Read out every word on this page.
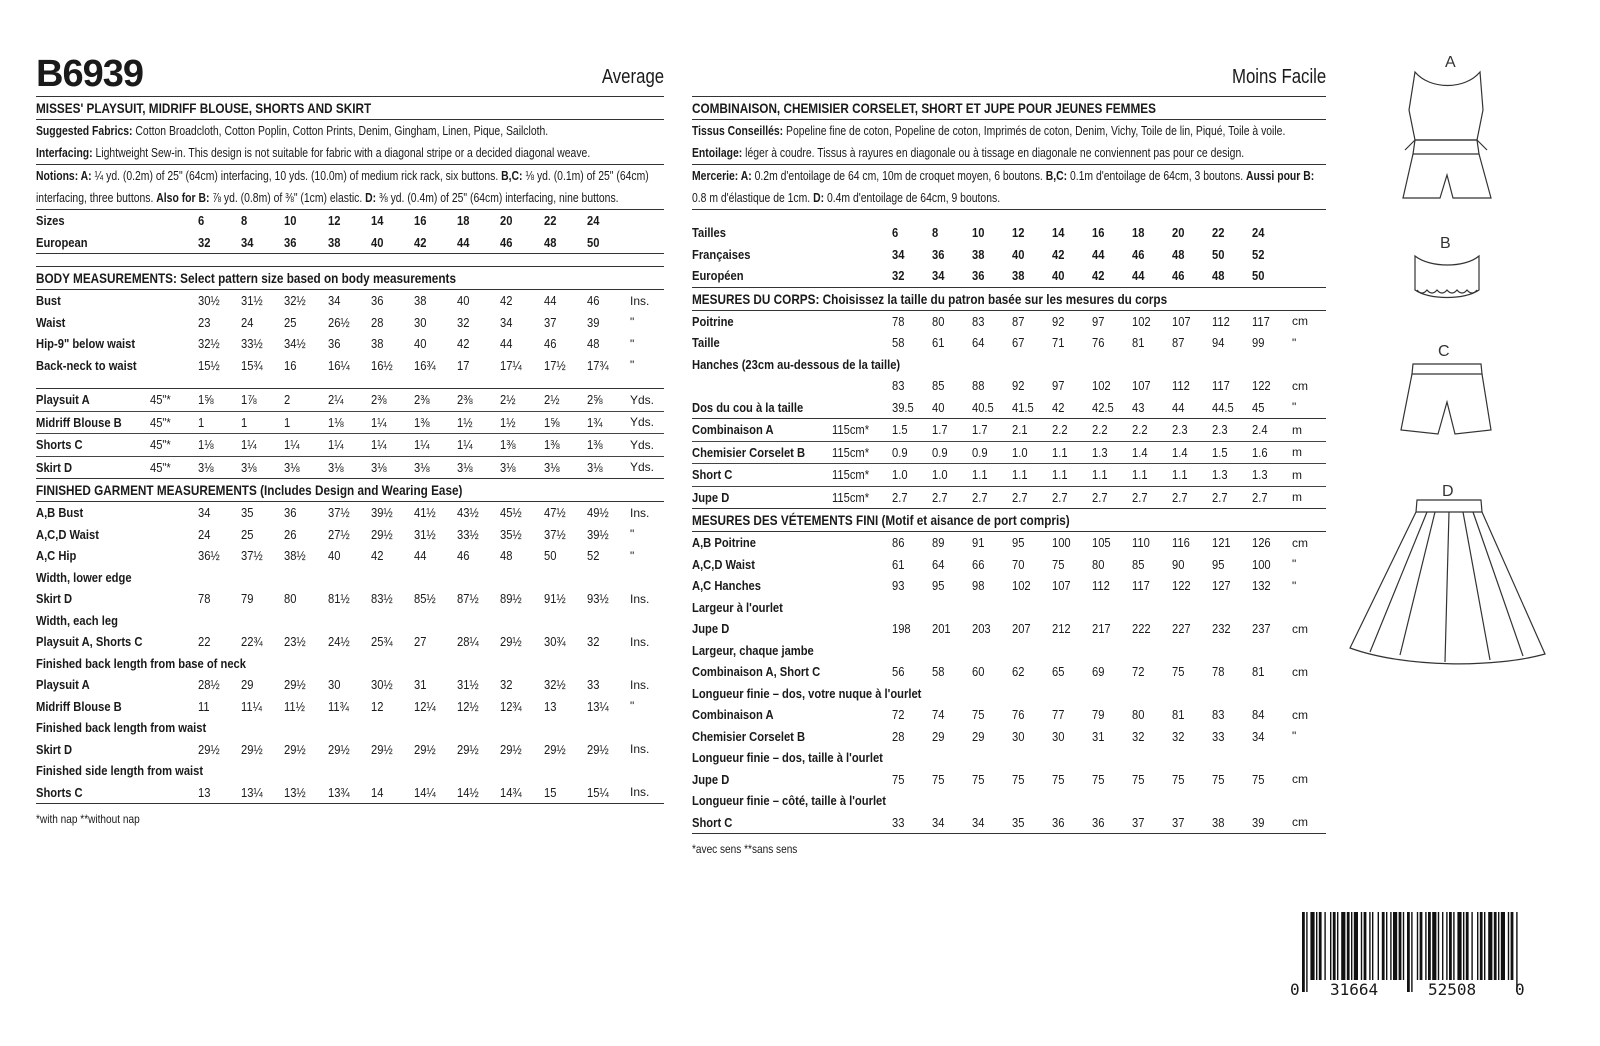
B6939	Average
MISSES' PLAYSUIT, MIDRIFF BLOUSE, SHORTS AND SKIRT
Suggested Fabrics: Cotton Broadcloth, Cotton Poplin, Cotton Prints, Denim, Gingham, Linen, Pique, Sailcloth.
Interfacing: Lightweight Sew-in. This design is not suitable for fabric with a diagonal stripe or a decided diagonal weave.
Notions: A: ¼ yd. (0.2m) of 25" (64cm) interfacing, 10 yds. (10.0m) of medium rick rack, six buttons. B,C: ⅛ yd. (0.1m) of 25" (64cm) interfacing, three buttons. Also for B: ⅞ yd. (0.8m) of ⅜" (1cm) elastic. D: ⅜ yd. (0.4m) of 25" (64cm) interfacing, nine buttons.
Sizes	6	8	10	12	14	16	18	20	22	24	
European	32	34	36	38	40	42	44	46	48	50	
BODY MEASUREMENTS: Select pattern size based on body measurements
Bust	30½	31½	32½	34	36	38	40	42	44	46	Ins.
Waist	23	24	25	26½	28	30	32	34	37	39	"
Hip-9" below waist	32½	33½	34½	36	38	40	42	44	46	48	"
Back-neck to waist	15½	15¾	16	16¼	16½	16¾	17	17¼	17½	17¾	"
Playsuit A	45"*	1⅝	1⅞	2	2¼	2⅜	2⅜	2⅜	2½	2½	2⅝	Yds.
Midriff Blouse B	45"*	1	1	1	1⅛	1¼	1⅜	1½	1½	1⅝	1¾	Yds.
Shorts C	45"*	1⅛	1¼	1¼	1¼	1¼	1¼	1¼	1⅜	1⅜	1⅜	Yds.
Skirt D	45"*	3⅛	3⅛	3⅛	3⅛	3⅛	3⅛	3⅛	3⅛	3⅛	3⅛	Yds.
FINISHED GARMENT MEASUREMENTS (Includes Design and Wearing Ease)
A,B Bust	34	35	36	37½	39½	41½	43½	45½	47½	49½	Ins.
A,C,D Waist	24	25	26	27½	29½	31½	33½	35½	37½	39½	"
A,C Hip	36½	37½	38½	40	42	44	46	48	50	52	"
Width, lower edge											
Skirt D	78	79	80	81½	83½	85½	87½	89½	91½	93½	Ins.
Width, each leg											
Playsuit A, Shorts C	22	22¾	23½	24½	25¾	27	28¼	29½	30¾	32	Ins.
Finished back length from base of neck											
Playsuit A	28½	29	29½	30	30½	31	31½	32	32½	33	Ins.
Midriff Blouse B	11	11¼	11½	11¾	12	12¼	12½	12¾	13	13¼	"
Finished back length from waist											
Skirt D	29½	29½	29½	29½	29½	29½	29½	29½	29½	29½	Ins.
Finished side length from waist											
Shorts C	13	13¼	13½	13¾	14	14¼	14½	14¾	15	15¼	Ins.
*with nap **without nap
Moins Facile
COMBINAISON, CHEMISIER CORSELET, SHORT ET JUPE POUR JEUNES FEMMES
Tissus Conseillés: Popeline fine de coton, Popeline de coton, Imprimés de coton, Denim, Vichy, Toile de lin, Piqué, Toile à voile. Entoilage: léger à coudre. Tissus à rayures en diagonale ou à tissage en diagonale ne conviennent pas pour ce design.
Mercerie: A: 0.2m d'entoilage de 64 cm, 10m de croquet moyen, 6 boutons. B,C: 0.1m d'entoilage de 64cm, 3 boutons. Aussi pour B: 0.8 m d'élastique de 1cm. D: 0.4m d'entoilage de 64cm, 9 boutons.
Tailles	6	8	10	12	14	16	18	20	22	24	
Françaises	34	36	38	40	42	44	46	48	50	52	
Européen	32	34	36	38	40	42	44	46	48	50	
MESURES DU CORPS: Choisissez la taille du patron basée sur les mesures du corps
Poitrine	78	80	83	87	92	97	102	107	112	117	cm
Taille	58	61	64	67	71	76	81	87	94	99	"
Hanches (23cm au-dessous de la taille)											
	83	85	88	92	97	102	107	112	117	122	cm
Dos du cou à la taille	39.5	40	40.5	41.5	42	42.5	43	44	44.5	45	"
Combinaison A	115cm*	1.5	1.7	1.7	2.1	2.2	2.2	2.2	2.3	2.3	2.4	m
Chemisier Corselet B	115cm*	0.9	0.9	0.9	1.0	1.1	1.3	1.4	1.4	1.5	1.6	m
Short C	115cm*	1.0	1.0	1.1	1.1	1.1	1.1	1.1	1.1	1.3	1.3	m
Jupe D	115cm*	2.7	2.7	2.7	2.7	2.7	2.7	2.7	2.7	2.7	2.7	m
MESURES DES VÉTEMENTS FINI (Motif et aisance de port compris)
A,B Poitrine	86	89	91	95	100	105	110	116	121	126	cm
A,C,D Waist	61	64	66	70	75	80	85	90	95	100	"
A,C Hanches	93	95	98	102	107	112	117	122	127	132	"
Largeur à l'ourlet											
Jupe D	198	201	203	207	212	217	222	227	232	237	cm
Largeur, chaque jambe											
Combinaison A, Short C	56	58	60	62	65	69	72	75	78	81	cm
Longueur finie – dos, votre nuque à l'ourlet											
Combinaison A	72	74	75	76	77	79	80	81	83	84	cm
Chemisier Corselet B	28	29	29	30	30	31	32	32	33	34	"
Longueur finie – dos, taille à l'ourlet											
Jupe D	75	75	75	75	75	75	75	75	75	75	cm
Longueur finie – côté, taille à l'ourlet											
Short C	33	34	34	35	36	36	37	37	38	39	cm
*avec sens **sans sens
A
B
C
D
0 31664	52508 0
